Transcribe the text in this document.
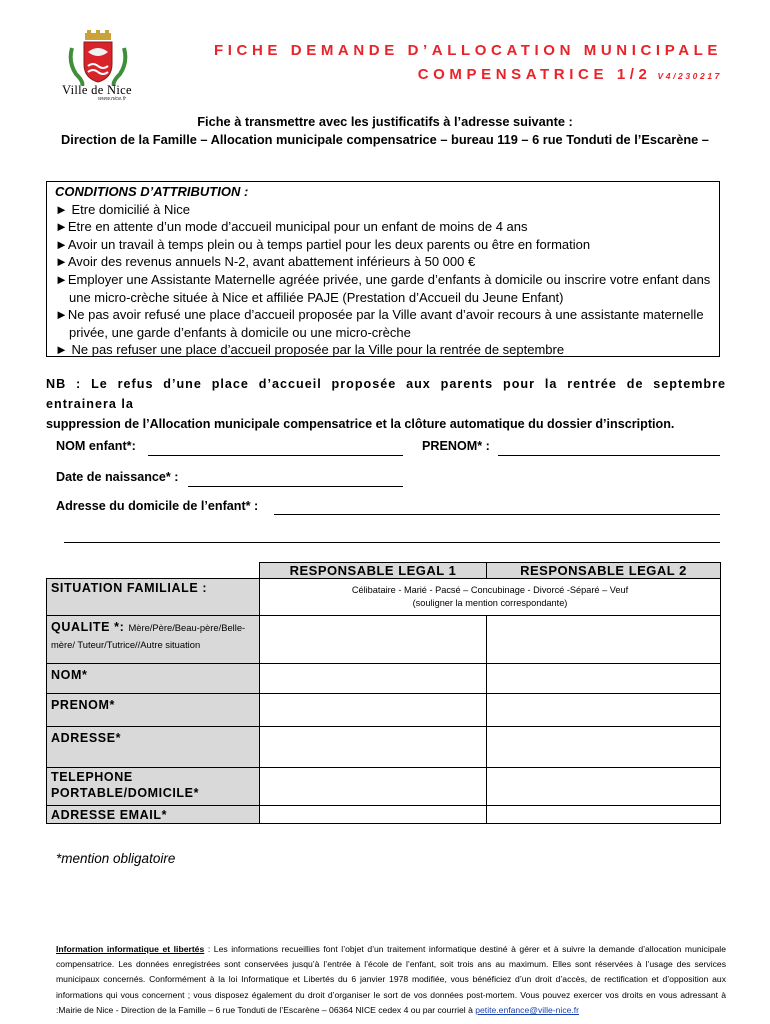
Ville de Nice
www.nice.fr
FICHE DEMANDE D’ALLOCATION MUNICIPALE
COMPENSATRICE 1/2 V4/230217
Fiche à transmettre avec les justificatifs à l’adresse suivante :
Direction de la Famille – Allocation municipale compensatrice – bureau 119 – 6 rue Tonduti de l’Escarène –
CONDITIONS D’ATTRIBUTION :
► Etre domicilié à Nice
►Etre en attente d’un mode d’accueil municipal pour un enfant de moins de 4 ans
►Avoir un travail à temps plein ou à temps partiel pour les deux parents ou être en formation
►Avoir des revenus annuels N-2, avant abattement inférieurs à 50 000 €
►Employer une Assistante Maternelle agréée privée, une garde d’enfants à domicile ou inscrire votre enfant dans
une micro-crèche située à Nice et affiliée PAJE (Prestation d’Accueil du Jeune Enfant)
►Ne pas avoir refusé une place d’accueil proposée par la Ville avant d’avoir recours à une assistante maternelle
privée, une garde d’enfants à domicile ou une micro-crèche
► Ne pas refuser une place d’accueil proposée par la Ville pour la rentrée de septembre
NB : Le refus d’une place d’accueil proposée aux parents pour la rentrée de septembre entrainera la
suppression de l’Allocation municipale compensatrice et la clôture automatique du dossier d’inscription.
NOM enfant*:	PRENOM* :
Date de naissance* :
Adresse du domicile de l’enfant* :
RESPONSABLE LEGAL 1	RESPONSABLE LEGAL 2
SITUATION FAMILIALE :	Célibataire - Marié - Pacsé – Concubinage - Divorcé -Séparé – Veuf
(souligner la mention correspondante)
QUALITE *: Mère/Père/Beau-père/Belle-mère/ Tuteur/Tutrice//Autre situation
NOM*
PRENOM*
ADRESSE*
TELEPHONE PORTABLE/DOMICILE*
ADRESSE EMAIL*
*mention obligatoire
Information informatique et libertés : Les informations recueillies font l’objet d’un traitement informatique destiné à gérer et à suivre la demande d’allocation municipale compensatrice. Les données enregistrées sont conservées jusqu’à l’entrée à l’école de l’enfant, soit trois ans au maximum. Elles sont réservées à l’usage des services municipaux concernés. Conformément à la loi Informatique et Libertés du 6 janvier 1978 modifiée, vous bénéficiez d’un droit d’accès, de rectification et d’opposition aux informations qui vous concernent ; vous disposez également du droit d’organiser le sort de vos données post-mortem. Vous pouvez exercer vos droits en vous adressant à :Mairie de Nice - Direction de la Famille – 6 rue Tonduti de l’Escarène – 06364 NICE cedex 4 ou par courriel à petite.enfance@ville-nice.fr
